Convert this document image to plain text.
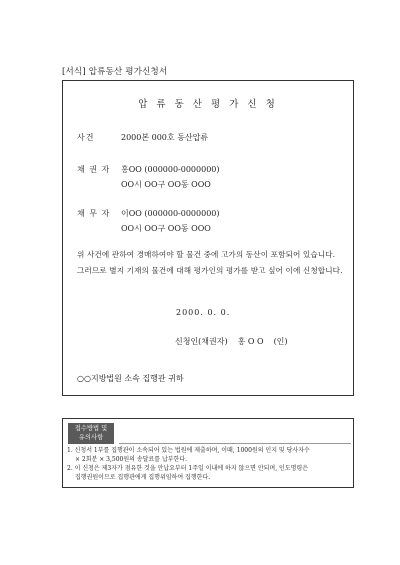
[서식] 압류동산 평가신청서
압 류 동 산 평 가 신 청
사건	2000본 000호 동산압류
채 권 자 홍OO (000000-0000000)
OO시 OO구 OO동 OOO
채 무 자 이OO (000000-0000000)
OO시 OO구 OO동 OOO
위 사건에 관하여 경매하여야 할 물건 중에 고가의 동산이 포함되어 있습니다.
그러므로 별지 기재의 물건에 대해 평가인의 평가를 받고 싶어 이에 신청합니다.
2000. 0. 0.
신청인(채권자) 홍 O O (인)
○○지방법원 소속 집행관 귀하
접수방법 및
유의사항
1. 신청서 1부를 집행관이 소속되어 있는 법원에 제출하며, 이때, 1000원의 인지 및 당사자수
× 2회분 × 3,500원의 송달료를 납부한다.
2. 이 신청은 제3자가 점유한 것을 안납요부터 1주일 이내에 하지 않으면 안되며, 인도명령은
집행권원이므로 집행관에게 집행위임하여 집행한다.
